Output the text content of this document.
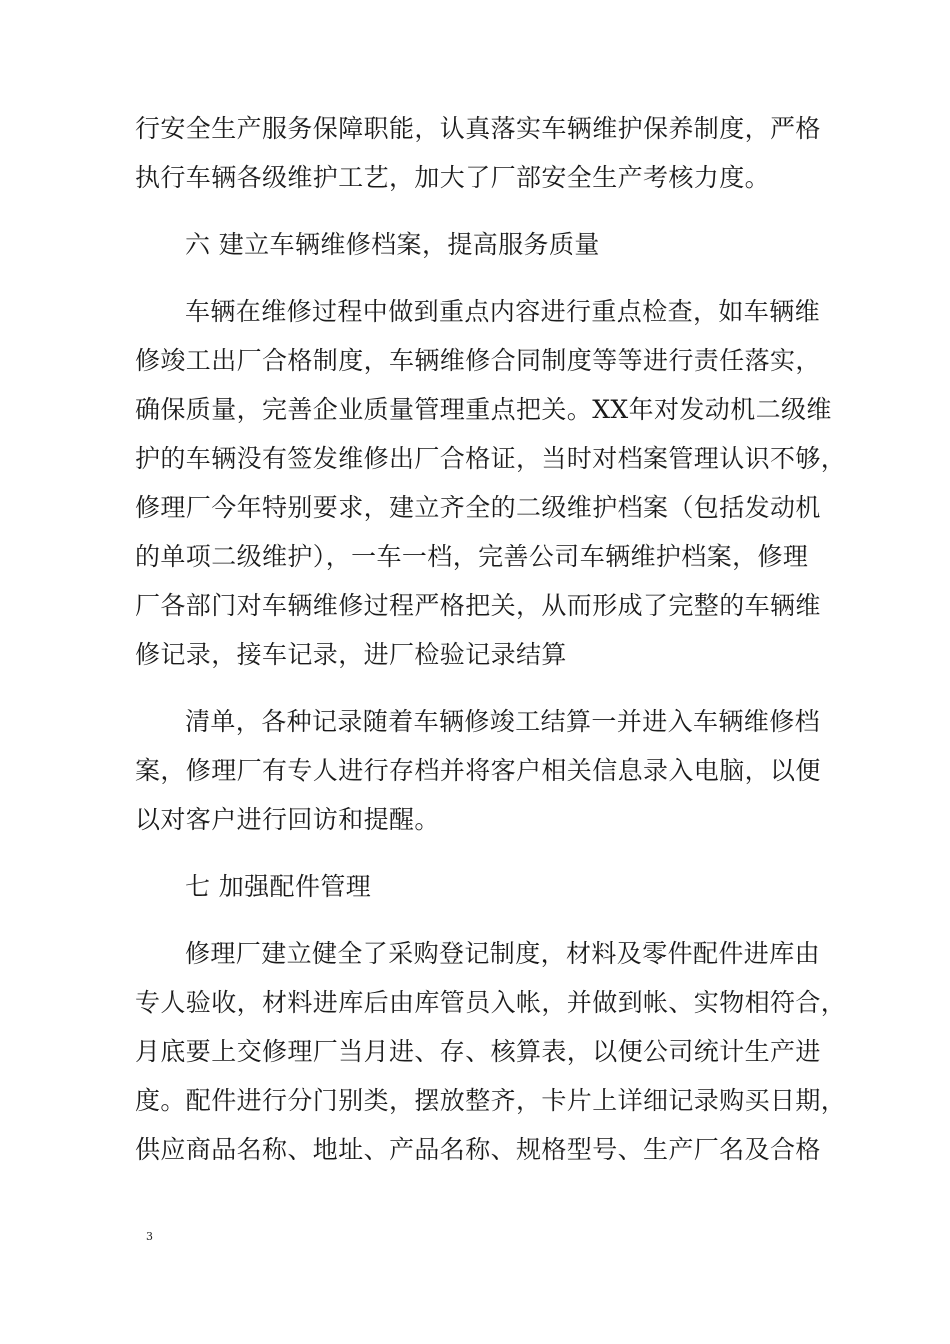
行安全生产服务保障职能，认真落实车辆维护保养制度，严格
执行车辆各级维护工艺，加大了厂部安全生产考核力度。
六 建立车辆维修档案，提高服务质量
车辆在维修过程中做到重点内容进行重点检查，如车辆维
修竣工出厂合格制度，车辆维修合同制度等等进行责任落实，
确保质量，完善企业质量管理重点把关。XX年对发动机二级维
护的车辆没有签发维修出厂合格证，当时对档案管理认识不够，
修理厂今年特别要求，建立齐全的二级维护档案（包括发动机
的单项二级维护），一车一档，完善公司车辆维护档案，修理
厂各部门对车辆维修过程严格把关，从而形成了完整的车辆维
修记录，接车记录，进厂检验记录结算
清单，各种记录随着车辆修竣工结算一并进入车辆维修档
案，修理厂有专人进行存档并将客户相关信息录入电脑，以便
以对客户进行回访和提醒。
七 加强配件管理
修理厂建立健全了采购登记制度，材料及零件配件进库由
专人验收，材料进库后由库管员入帐，并做到帐、实物相符合，
月底要上交修理厂当月进、存、核算表，以便公司统计生产进
度。配件进行分门别类，摆放整齐，卡片上详细记录购买日期，
供应商品名称、地址、产品名称、规格型号、生产厂名及合格
3
